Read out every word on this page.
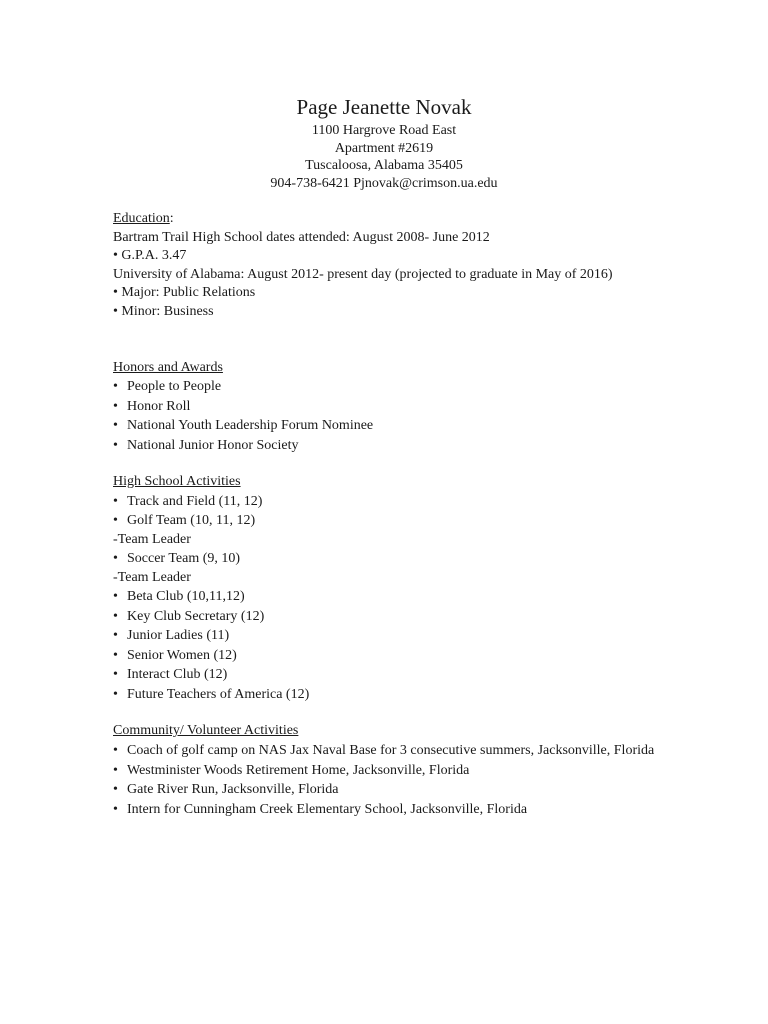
Page Jeanette Novak
1100 Hargrove Road East
Apartment #2619
Tuscaloosa, Alabama 35405
904-738-6421 Pjnovak@crimson.ua.edu
Education:
Bartram Trail High School dates attended: August 2008- June 2012
• G.P.A. 3.47
University of Alabama: August 2012- present day (projected to graduate in May of 2016)
• Major: Public Relations
• Minor: Business
Honors and Awards
• People to People
• Honor Roll
• National Youth Leadership Forum Nominee
• National Junior Honor Society
High School Activities
• Track and Field (11, 12)
• Golf Team (10, 11, 12)
-Team Leader
• Soccer Team (9, 10)
-Team Leader
• Beta Club (10,11,12)
• Key Club Secretary (12)
• Junior Ladies (11)
• Senior Women (12)
• Interact Club (12)
• Future Teachers of America (12)
Community/ Volunteer Activities
• Coach of golf camp on NAS Jax Naval Base for 3 consecutive summers, Jacksonville, Florida
• Westminister Woods Retirement Home, Jacksonville, Florida
• Gate River Run, Jacksonville, Florida
• Intern for Cunningham Creek Elementary School, Jacksonville, Florida
